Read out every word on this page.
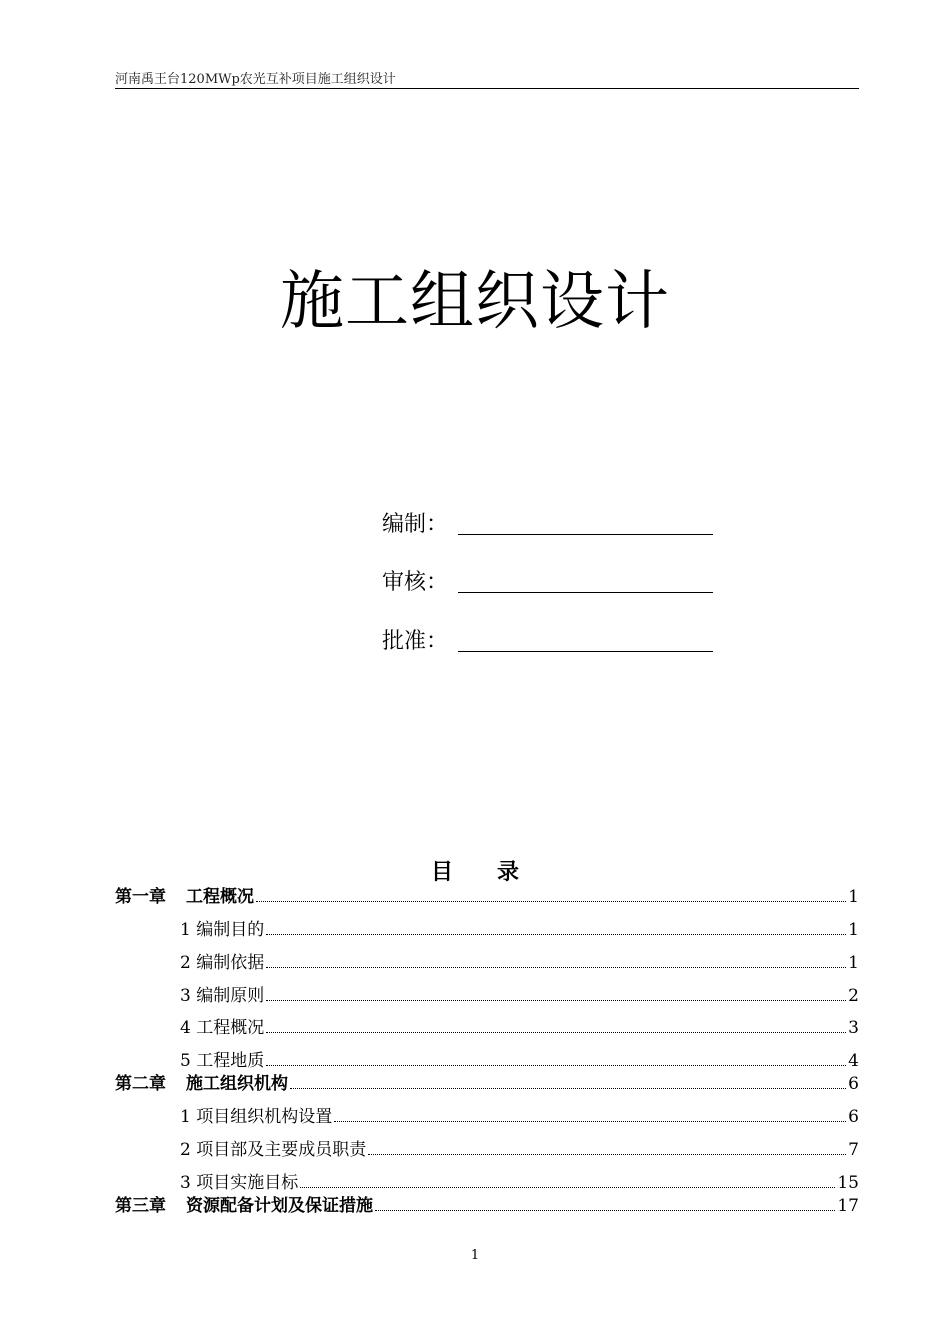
河南禹王台120MWp农光互补项目施工组织设计
施工组织设计
编制：
审核：
批准：
目　　录
第一章 工程概况	1
1 编制目的	1
2 编制依据	1
3 编制原则	2
4 工程概况	3
5 工程地质	4
第二章 施工组织机构	6
1 项目组织机构设置	6
2 项目部及主要成员职责	7
3 项目实施目标	15
第三章 资源配备计划及保证措施	17
1
